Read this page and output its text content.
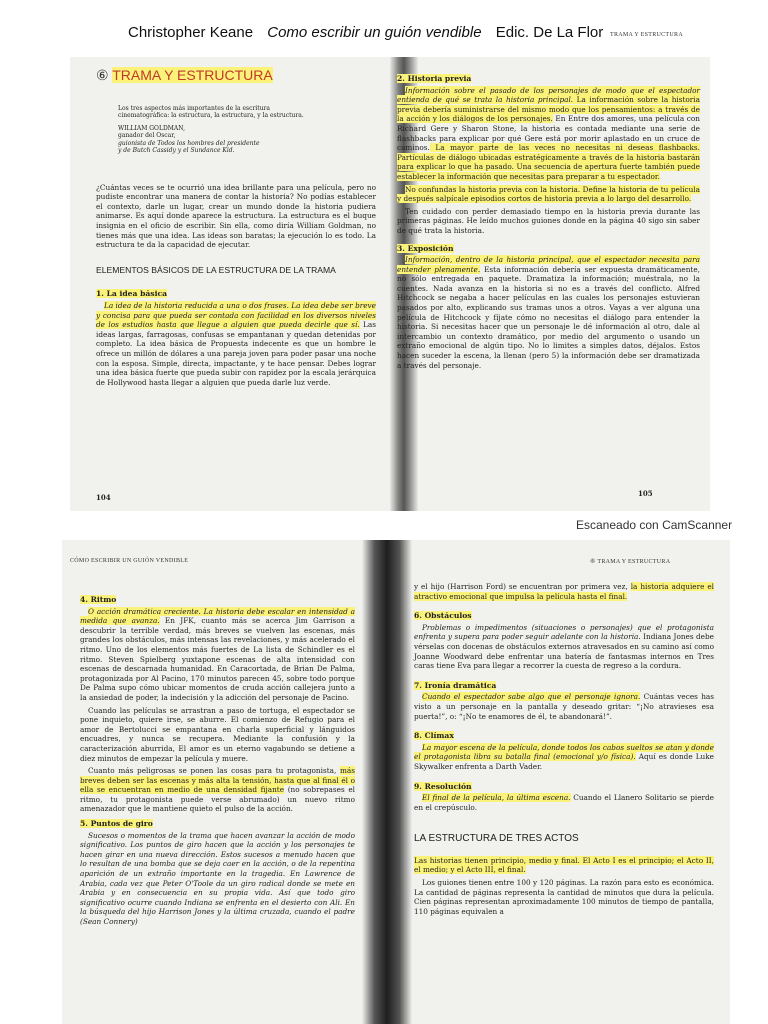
Christopher Keane Como escribir un guión vendible Edic. De La Flor	TRAMA Y ESTRUCTURA
⑥ TRAMA Y ESTRUCTURA
Los tres aspectos más importantes de la escritura
cinematográfica: la estructura, la estructura, y la estructura.
WILLIAM GOLDMAN,
ganador del Oscar,
guionista de Todos los hombres del presidente
y de Butch Cassidy y el Sundance Kid.

¿Cuántas veces se te ocurrió una idea brillante para una película, pero no pudiste encontrar una manera de contar la historia? No podías establecer el contexto, darle un lugar, crear un mundo donde la historia pudiera animarse. Es aquí donde aparece la estructura. La estructura es el buque insignia en el oficio de escribir. Sin ella, como diría William Goldman, no tienes más que una idea. Las ideas son baratas; la ejecución lo es todo. La estructura te da la capacidad de ejecutar.

ELEMENTOS BÁSICOS DE LA ESTRUCTURA DE LA TRAMA
1. La idea básica

La idea de la historia reducida a una o dos frases. La idea debe ser breve y concisa para que pueda ser contada con facilidad en los diversos niveles de los estudios hasta que llegue a alguien que pueda decirle que sí. Las ideas largas, farragosas, confusas se empantanan y quedan detenidas por completo. La idea básica de Propuesta indecente es que un hombre le ofrece un millón de dólares a una pareja joven para poder pasar una noche con la esposa. Simple, directa, impactante, y te hace pensar. Debes lograr una idea básica fuerte que pueda subir con rapidez por la escala jerárquica de Hollywood hasta llegar a alguien que pueda darle luz verde.

104
2. Historia previa

Información sobre el pasado de los personajes de modo que el espectador entienda de qué se trata la historia principal. La información sobre la historia previa debería suministrarse del mismo modo que los pensamientos: a través de la acción y los diálogos de los personajes. En Entre dos amores, una película con Richard Gere y Sharon Stone, la historia es contada mediante una serie de flashbacks para explicar por qué Gere está por morir aplastado en un cruce de caminos. La mayor parte de las veces no necesitas ni deseas flashbacks. Partículas de diálogo ubicadas estratégicamente a través de la historia bastarán para explicar lo que ha pasado. Una secuencia de apertura fuerte también puede establecer la información que necesitas para preparar a tu espectador.

No confundas la historia previa con la historia. Define la historia de tu película y después salpícale episodios cortos de historia previa a lo largo del desarrollo.

Ten cuidado con perder demasiado tiempo en la historia previa durante las primeras páginas. He leído muchos guiones donde en la página 40 sigo sin saber de qué trata la historia.

3. Exposición

Información, dentro de la historia principal, que el espectador necesita para entender plenamente. Esta información debería ser expuesta dramáticamente, no sólo entregada en paquete. Dramatiza la información; muéstrala, no la cuentes. Nada avanza en la historia si no es a través del conflicto. Alfred Hitchcock se negaba a hacer películas en las cuales los personajes estuvieran pasados por alto, explicando sus tramas unos a otros. Vayas a ver alguna una película de Hitchcock y fíjate cómo no necesitas el diálogo para entender la historia. Si necesitas hacer que un personaje le dé información al otro, dale al intercambio un contexto dramático, por medio del argumento o usando un extraño emocional de algún tipo. No lo limites a simples datos, déjalos. Estos hacen suceder la escena, la llenan (pero 5) la información debe ser dramatizada a través del personaje.

105
Escaneado con CamScanner
CÓMO ESCRIBIR UN GUIÓN VENDIBLE	⑥ TRAMA Y ESTRUCTURA
4. Ritmo

O acción dramática creciente. La historia debe escalar en intensidad a medida que avanza. En JFK, cuanto más se acerca Jim Garrison a descubrir la terrible verdad, más breves se vuelven las escenas, más grandes los obstáculos, más intensas las revelaciones, y más acelerado el ritmo. Uno de los elementos más fuertes de La lista de Schindler es el ritmo. Steven Spielberg yuxtapone escenas de alta intensidad con escenas de descarnada humanidad. En Caracortada, de Brian De Palma, protagonizada por Al Pacino, 170 minutos parecen 45, sobre todo porque De Palma supo cómo ubicar momentos de cruda acción callejera junto a la ansiedad de poder, la indecisión y la adicción del personaje de Pacino.

Cuando las películas se arrastran a paso de tortuga, el espectador se pone inquieto, quiere irse, se aburre. El comienzo de Refugio para el amor de Bertolucci se empantana en charla superficial y lánguidos encuadres, y nunca se recupera. Mediante la confusión y la caracterización aburrida, El amor es un eterno vagabundo se detiene a diez minutos de empezar la película y muere.

Cuanto más peligrosas se ponen las cosas para tu protagonista, más breves deben ser las escenas y más alta la tensión, hasta que al final él o ella se encuentran en medio de una densidad fijante (no sobrepases el ritmo, tu protagonista puede verse abrumado) un nuevo ritmo amenazador que le mantiene quieto el pulso de la acción.

5. Puntos de giro

Sucesos o momentos de la trama que hacen avanzar la acción de modo significativo. Los puntos de giro hacen que la acción y los personajes te hacen girar en una nueva dirección. Estos sucesos a menudo hacen que lo resultan de una bomba que se deja caer en la acción, o de la repentina aparición de un extraño importante en la tragedia. En Lawrence de Arabia, cada vez que Peter O'Toole da un giro radical donde se mete en Arabia y en consecuencia en su propia vida. Así que todo giro significativo ocurre cuando Indiana se enfrenta en el desierto con Ali. En la búsqueda del hijo Harrison Jones y la última cruzada, cuando el padre (Sean Connery)

y el hijo (Harrison Ford) se encuentran por primera vez, la historia adquiere el atractivo emocional que impulsa la película hasta el final.

6. Obstáculos

Problemas o impedimentos (situaciones o personajes) que el protagonista enfrenta y supera para poder seguir adelante con la historia. Indiana Jones debe vérselas con docenas de obstáculos externos atravesados en su camino así como Joanne Woodward debe enfrentar una batería de fantasmas internos en Tres caras tiene Eva para llegar a recorrer la cuesta de regreso a la cordura.

7. Ironía dramática

Cuando el espectador sabe algo que el personaje ignora. Cuántas veces has visto a un personaje en la pantalla y deseado gritar: “¡No atravieses esa puerta!”, o: “¡No te enamores de él, te abandonará!”.

8. Clímax

La mayor escena de la película, donde todos los cabos sueltos se atan y donde el protagonista libra su batalla final (emocional y/o física). Aquí es donde Luke Skywalker enfrenta a Darth Vader.

9. Resolución

El final de la película, la última escena. Cuando el Llanero Solitario se pierde en el crepúsculo.

LA ESTRUCTURA DE TRES ACTOS

Las historias tienen principio, medio y final. El Acto I es el principio; el Acto II, el medio; y el Acto III, el final.

Los guiones tienen entre 100 y 120 páginas. La razón para esto es económica. La cantidad de páginas representa la cantidad de minutos que dura la película. Cien páginas representan aproximadamente 100 minutos de tiempo de pantalla, 110 páginas equivalen a
